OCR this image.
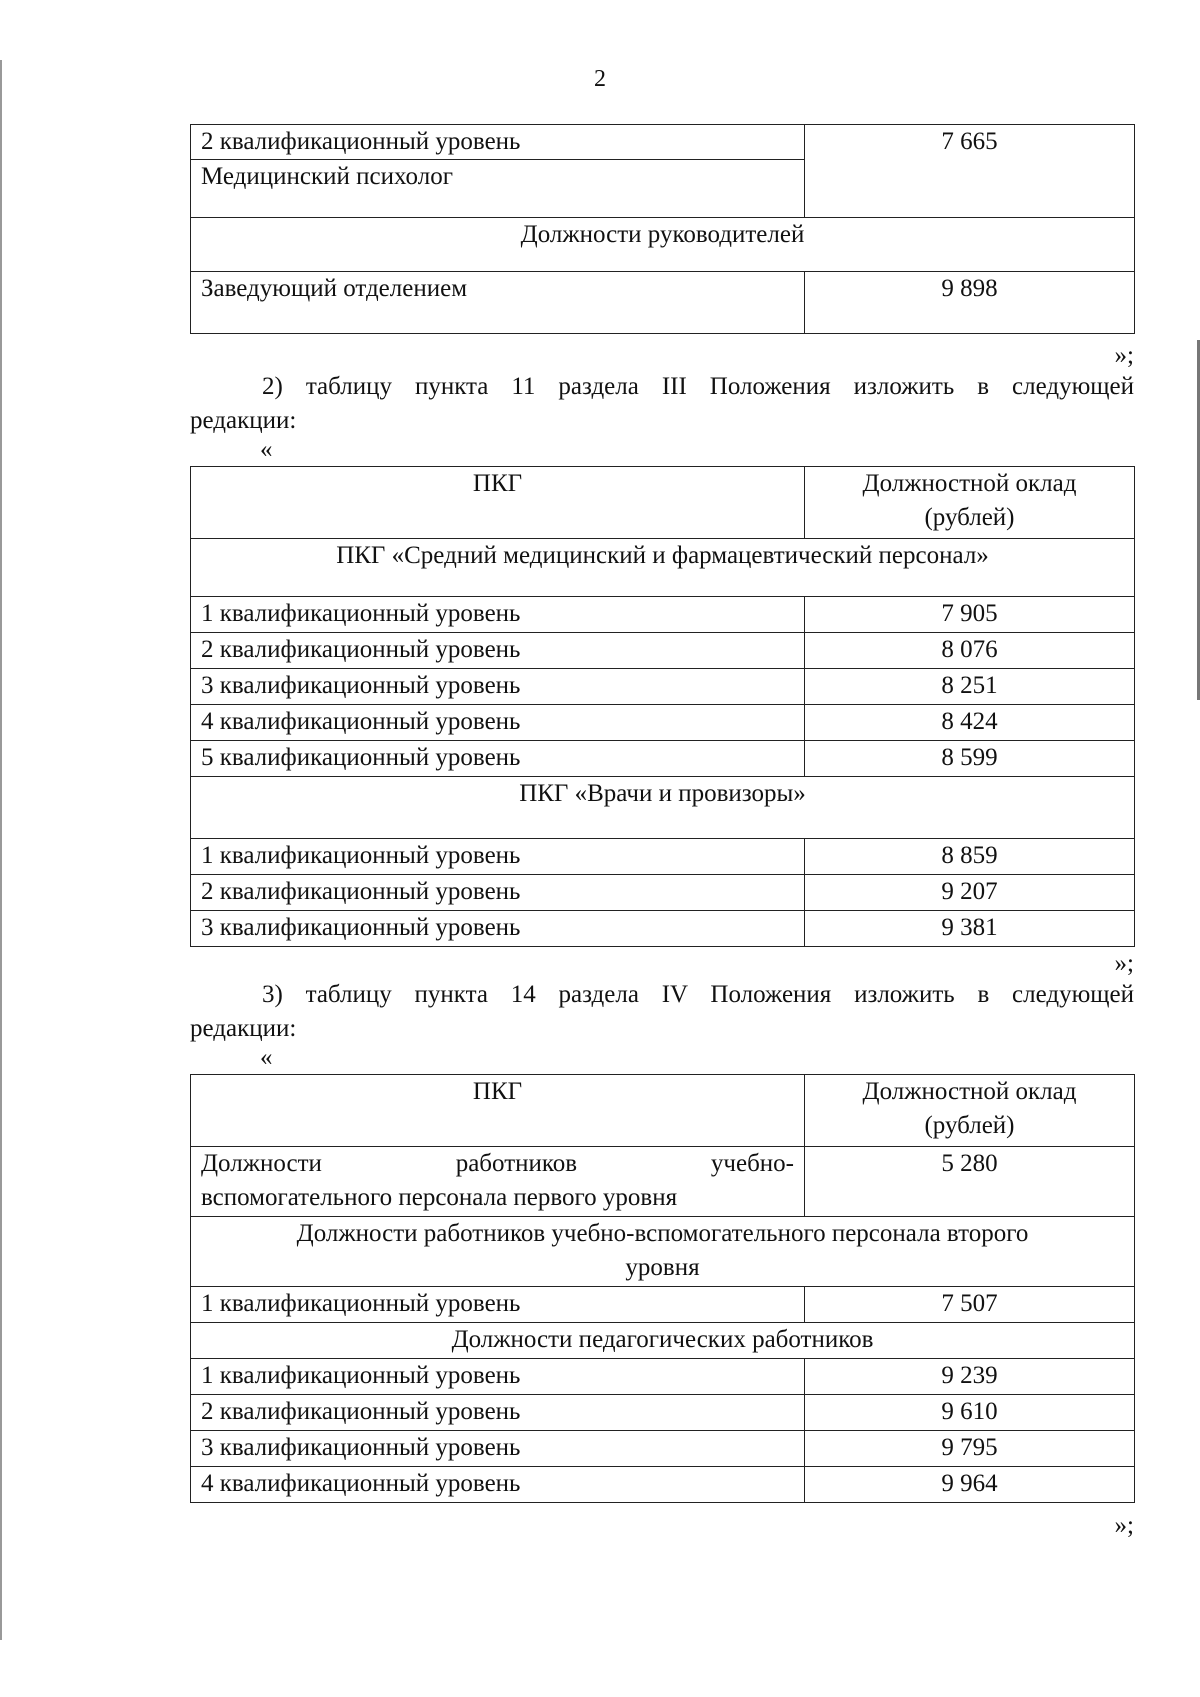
2
2 квалификационный уровень	7 665
Медицинский психолог	
Должности руководителей	
Заведующий отделением	9 898
»;
2) таблицу пункта 11 раздела III Положения изложить в следующей
редакции:
«
ПКГ	Должностной оклад
(рублей)

ПКГ «Средний медицинский и фармацевтический персонал»	
1 квалификационный уровень	7 905
2 квалификационный уровень	8 076
3 квалификационный уровень	8 251
4 квалификационный уровень	8 424
5 квалификационный уровень	8 599
ПКГ «Врачи и провизоры»	
1 квалификационный уровень	8 859
2 квалификационный уровень	9 207
3 квалификационный уровень	9 381
»;
3) таблицу пункта 14 раздела IV Положения изложить в следующей
редакции:
«
ПКГ	Должностной оклад
(рублей)

Должности работников учебно-
вспомогательного персонала первого уровня	5 280

Должности работников учебно-вспомогательного персонала второго
уровня	

1 квалификационный уровень	7 507
Должности педагогических работников	
1 квалификационный уровень	9 239
2 квалификационный уровень	9 610
3 квалификационный уровень	9 795
4 квалификационный уровень	9 964
»;
